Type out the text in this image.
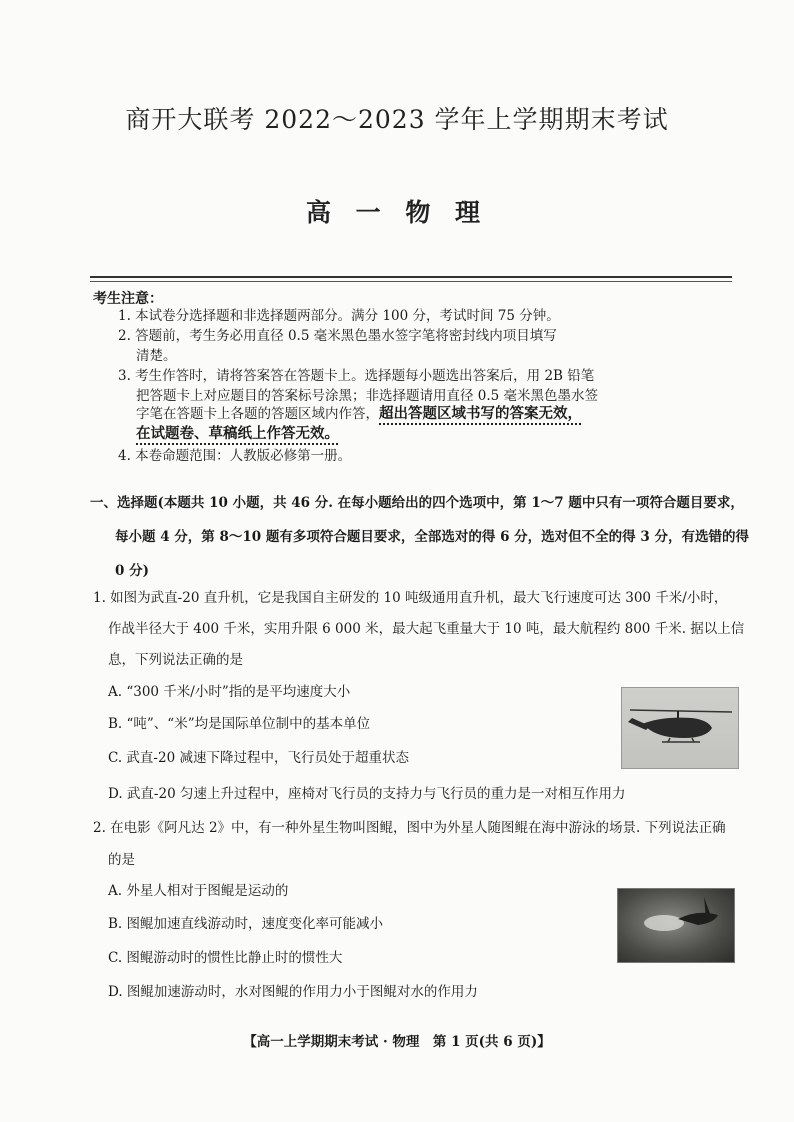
商开大联考 2022～2023 学年上学期期末考试
高 一 物 理
考生注意：
1. 本试卷分选择题和非选择题两部分。满分 100 分，考试时间 75 分钟。
2. 答题前，考生务必用直径 0.5 毫米黑色墨水签字笔将密封线内项目填写
清楚。
3. 考生作答时，请将答案答在答题卡上。选择题每小题选出答案后，用 2B 铅笔
把答题卡上对应题目的答案标号涂黑；非选择题请用直径 0.5 毫米黑色墨水签
字笔在答题卡上各题的答题区域内作答，超出答题区域书写的答案无效，
在试题卷、草稿纸上作答无效。
4. 本卷命题范围：人教版必修第一册。
一、选择题(本题共 10 小题，共 46 分. 在每小题给出的四个选项中，第 1～7 题中只有一项符合题目要求，
每小题 4 分，第 8～10 题有多项符合题目要求，全部选对的得 6 分，选对但不全的得 3 分，有选错的得
0 分)
1. 如图为武直-20 直升机，它是我国自主研发的 10 吨级通用直升机，最大飞行速度可达 300 千米/小时，
作战半径大于 400 千米，实用升限 6 000 米，最大起飞重量大于 10 吨，最大航程约 800 千米. 据以上信
息，下列说法正确的是
A. “300 千米/小时”指的是平均速度大小
B. “吨”、“米”均是国际单位制中的基本单位
C. 武直-20 减速下降过程中，飞行员处于超重状态
D. 武直-20 匀速上升过程中，座椅对飞行员的支持力与飞行员的重力是一对相互作用力
2. 在电影《阿凡达 2》中，有一种外星生物叫图鲲，图中为外星人随图鲲在海中游泳的场景. 下列说法正确
的是
A. 外星人相对于图鲲是运动的
B. 图鲲加速直线游动时，速度变化率可能减小
C. 图鲲游动时的惯性比静止时的惯性大
D. 图鲲加速游动时，水对图鲲的作用力小于图鲲对水的作用力
【高一上学期期末考试 · 物理　第 1 页(共 6 页)】
